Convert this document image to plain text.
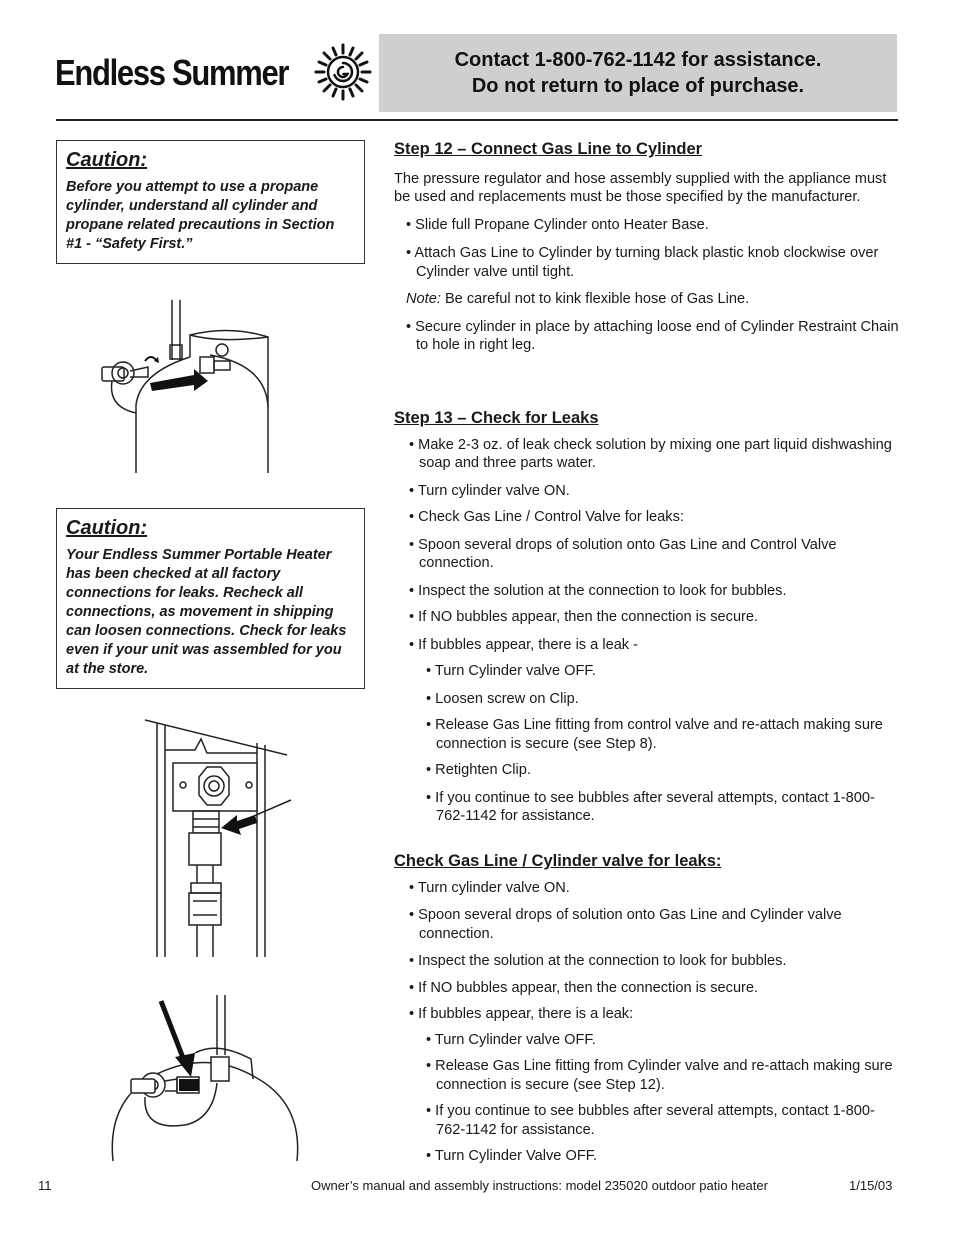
Endless Summer	Contact 1-800-762-1142 for assistance.
Do not return to place of purchase.
Caution:

Before you attempt to use a propane cylinder, understand all cylinder and propane related precautions in Section #1 - “Safety First.”

Caution:

Your Endless Summer Portable Heater has been checked at all factory connections for leaks. Recheck all connections, as movement in shipping can loosen connections. Check for leaks even if your unit was assembled for you at the store.

Step 12 – Connect Gas Line to Cylinder

The pressure regulator and hose assembly supplied with the appliance must be used and replacements must be those specified by the manufacturer.

• Slide full Propane Cylinder onto Heater Base.

• Attach Gas Line to Cylinder by turning black plastic knob clockwise over Cylinder valve until tight.

Note: Be careful not to kink flexible hose of Gas Line.

• Secure cylinder in place by attaching loose end of Cylinder Restraint Chain to hole in right leg.

Step 13 – Check for Leaks

• Make 2-3 oz. of leak check solution by mixing one part liquid dishwashing soap and three parts water.

• Turn cylinder valve ON.

• Check Gas Line / Control Valve for leaks:

• Spoon several drops of solution onto Gas Line and Control Valve connection.

• Inspect the solution at the connection to look for bubbles.

• If NO bubbles appear, then the connection is secure.

• If bubbles appear, there is a leak -

• Turn Cylinder valve OFF.

• Loosen screw on Clip.

• Release Gas Line fitting from control valve and re-attach making sure connection is secure (see Step 8).

• Retighten Clip.

• If you continue to see bubbles after several attempts, contact 1-800-762-1142 for assistance.

Check Gas Line / Cylinder valve for leaks:

• Turn cylinder valve ON.

• Spoon several drops of solution onto Gas Line and Cylinder valve connection.

• Inspect the solution at the connection to look for bubbles.

• If NO bubbles appear, then the connection is secure.

• If bubbles appear, there is a leak:

• Turn Cylinder valve OFF.

• Release Gas Line fitting from Cylinder valve and re-attach making sure connection is secure (see Step 12).

• If you continue to see bubbles after several attempts, contact 1-800-762-1142 for assistance.

• Turn Cylinder Valve OFF.

11	Owner’s manual and assembly instructions: model 235020 outdoor patio heater	1/15/03
